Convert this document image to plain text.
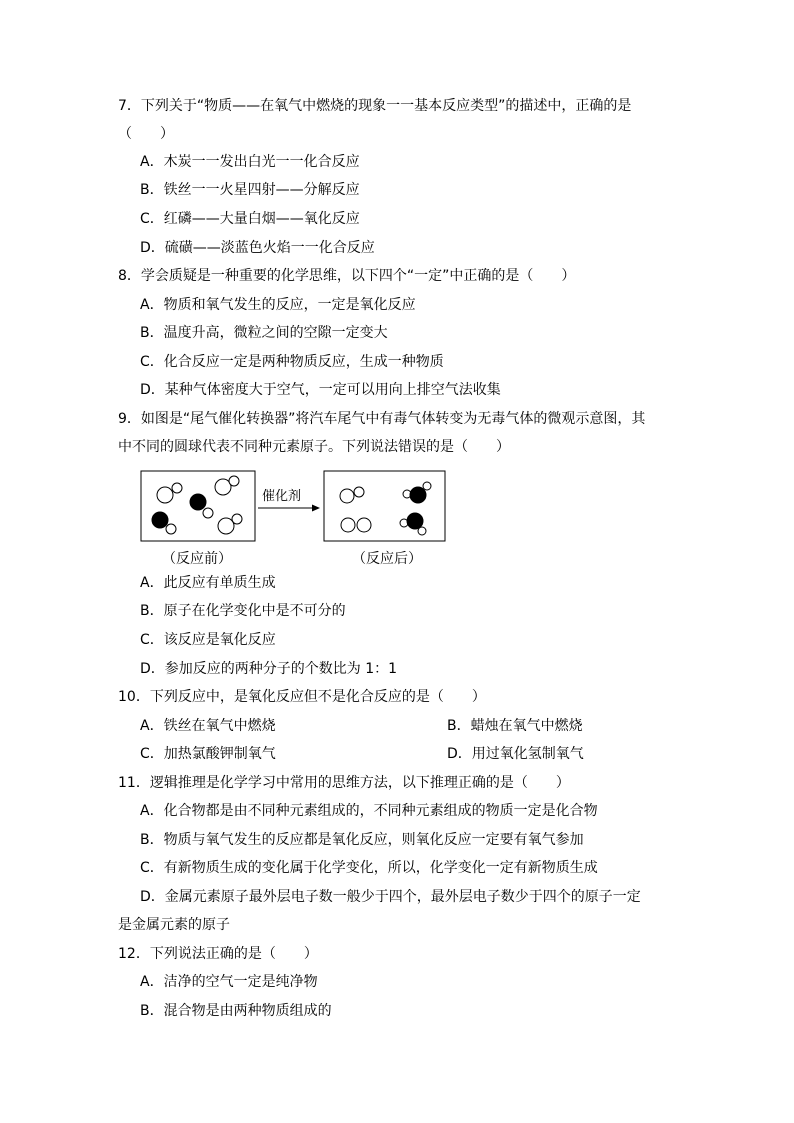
7．下列关于“物质——在氧气中燃烧的现象一一基本反应类型”的描述中，正确的是
（　　）
A．木炭一一发出白光一一化合反应
B．铁丝一一火星四射——分解反应
C．红磷——大量白烟——氧化反应
D．硫磺——淡蓝色火焰一一化合反应
8．学会质疑是一种重要的化学思维，以下四个“一定”中正确的是（　　）
A．物质和氧气发生的反应，一定是氧化反应
B．温度升高，微粒之间的空隙一定变大
C．化合反应一定是两种物质反应，生成一种物质
D．某种气体密度大于空气，一定可以用向上排空气法收集
9．如图是“尾气催化转换器”将汽车尾气中有毒气体转变为无毒气体的微观示意图，其
中不同的圆球代表不同种元素原子。下列说法错误的是（　　）
催化剂
（反应前）	（反应后）
A．此反应有单质生成
B．原子在化学变化中是不可分的
C．该反应是氧化反应
D．参加反应的两种分子的个数比为 1：1
10．下列反应中，是氧化反应但不是化合反应的是（　　）
A．铁丝在氧气中燃烧	B．蜡烛在氧气中燃烧
C．加热氯酸钾制氧气	D．用过氧化氢制氧气
11．逻辑推理是化学学习中常用的思维方法，以下推理正确的是（　　）
A．化合物都是由不同种元素组成的，不同种元素组成的物质一定是化合物
B．物质与氧气发生的反应都是氧化反应，则氧化反应一定要有氧气参加
C．有新物质生成的变化属于化学变化，所以，化学变化一定有新物质生成
D．金属元素原子最外层电子数一般少于四个，最外层电子数少于四个的原子一定
是金属元素的原子
12．下列说法正确的是（　　）
A．洁净的空气一定是纯净物
B．混合物是由两种物质组成的
